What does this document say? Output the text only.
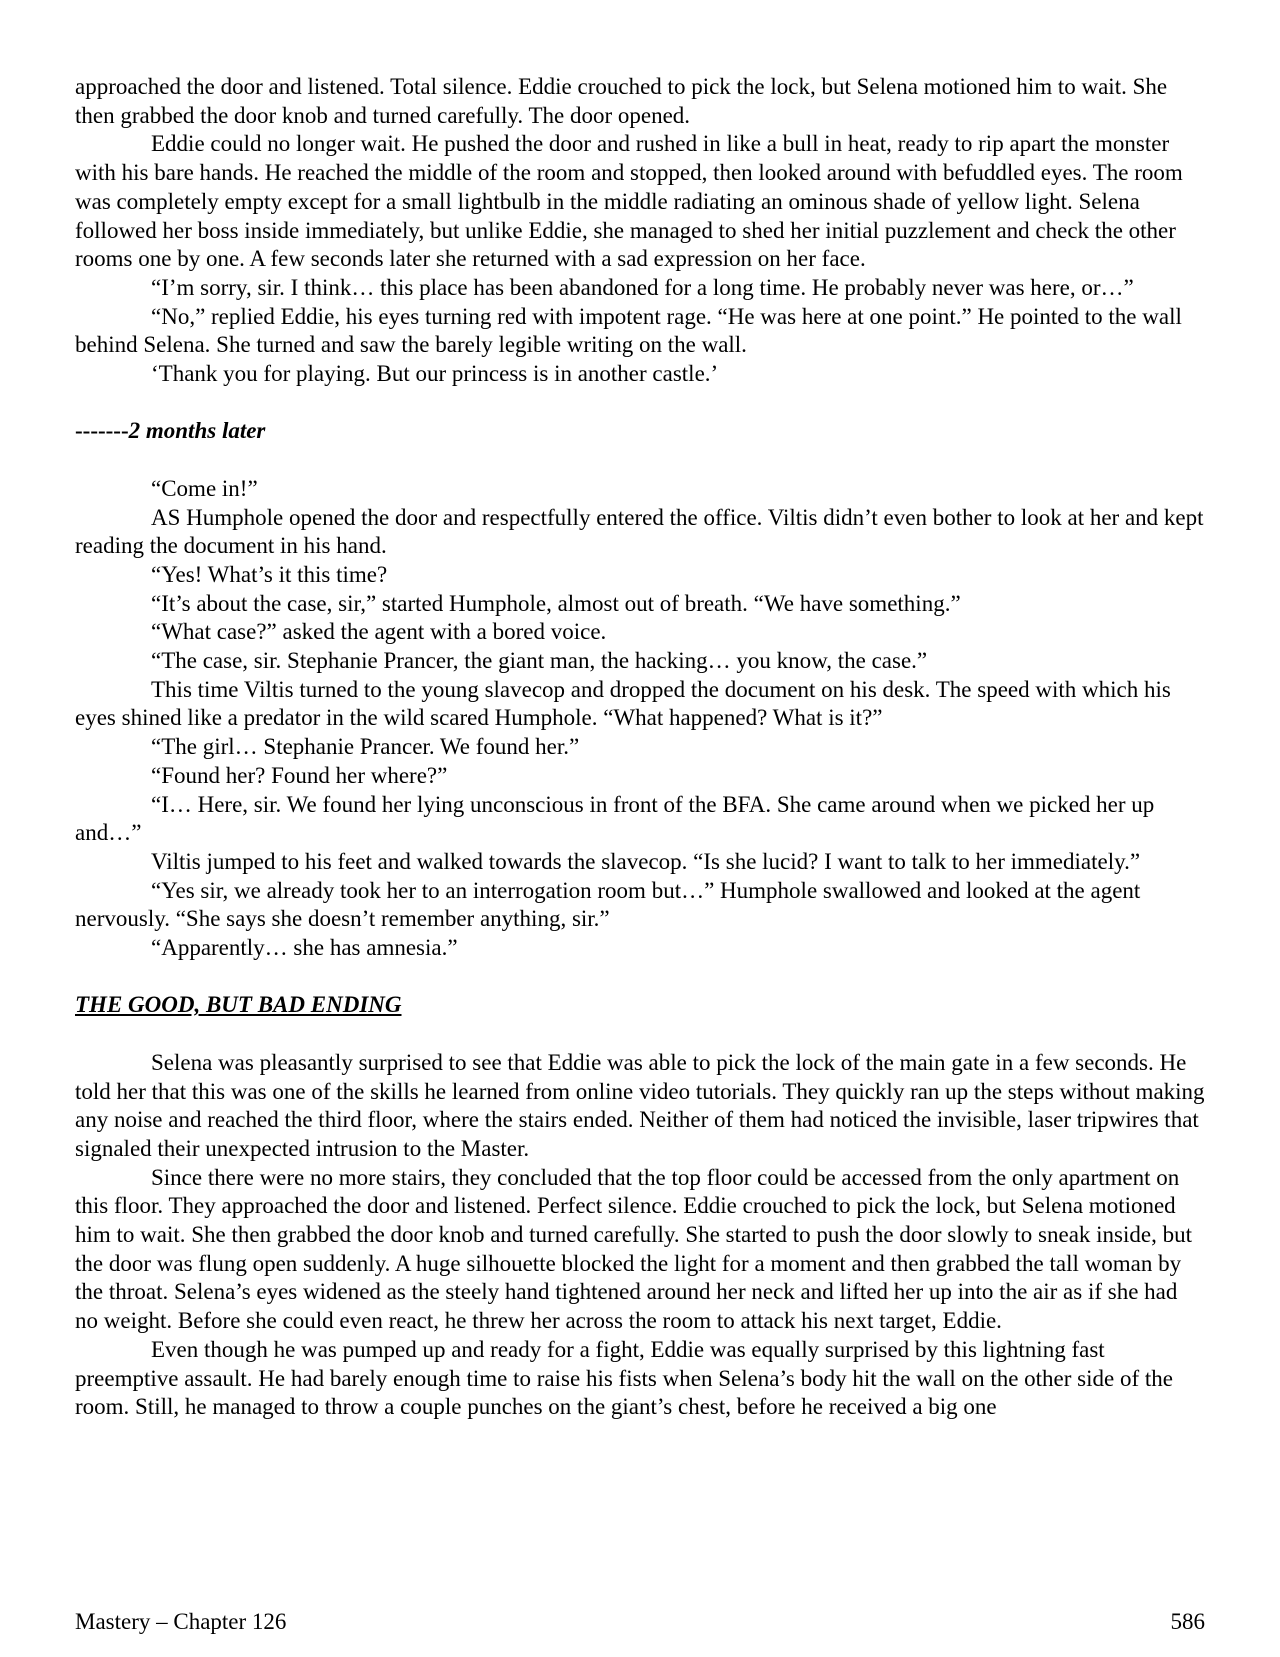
approached the door and listened. Total silence. Eddie crouched to pick the lock, but Selena motioned him to wait. She then grabbed the door knob and turned carefully. The door opened.

Eddie could no longer wait. He pushed the door and rushed in like a bull in heat, ready to rip apart the monster with his bare hands. He reached the middle of the room and stopped, then looked around with befuddled eyes. The room was completely empty except for a small lightbulb in the middle radiating an ominous shade of yellow light. Selena followed her boss inside immediately, but unlike Eddie, she managed to shed her initial puzzlement and check the other rooms one by one. A few seconds later she returned with a sad expression on her face.

“I’m sorry, sir. I think… this place has been abandoned for a long time. He probably never was here, or…”

“No,” replied Eddie, his eyes turning red with impotent rage. “He was here at one point.” He pointed to the wall behind Selena. She turned and saw the barely legible writing on the wall.

‘Thank you for playing. But our princess is in another castle.’

-------2 months later

“Come in!”

AS Humphole opened the door and respectfully entered the office. Viltis didn’t even bother to look at her and kept reading the document in his hand.

“Yes! What’s it this time?

“It’s about the case, sir,” started Humphole, almost out of breath. “We have something.”

“What case?” asked the agent with a bored voice.

“The case, sir. Stephanie Prancer, the giant man, the hacking… you know, the case.”

This time Viltis turned to the young slavecop and dropped the document on his desk. The speed with which his eyes shined like a predator in the wild scared Humphole. “What happened? What is it?”

“The girl… Stephanie Prancer. We found her.”

“Found her? Found her where?”

“I… Here, sir. We found her lying unconscious in front of the BFA. She came around when we picked her up and…”

Viltis jumped to his feet and walked towards the slavecop. “Is she lucid? I want to talk to her immediately.”

“Yes sir, we already took her to an interrogation room but…” Humphole swallowed and looked at the agent nervously. “She says she doesn’t remember anything, sir.”

“Apparently… she has amnesia.”

THE GOOD, BUT BAD ENDING

Selena was pleasantly surprised to see that Eddie was able to pick the lock of the main gate in a few seconds. He told her that this was one of the skills he learned from online video tutorials. They quickly ran up the steps without making any noise and reached the third floor, where the stairs ended. Neither of them had noticed the invisible, laser tripwires that signaled their unexpected intrusion to the Master.

Since there were no more stairs, they concluded that the top floor could be accessed from the only apartment on this floor. They approached the door and listened. Perfect silence. Eddie crouched to pick the lock, but Selena motioned him to wait. She then grabbed the door knob and turned carefully. She started to push the door slowly to sneak inside, but the door was flung open suddenly. A huge silhouette blocked the light for a moment and then grabbed the tall woman by the throat. Selena’s eyes widened as the steely hand tightened around her neck and lifted her up into the air as if she had no weight. Before she could even react, he threw her across the room to attack his next target, Eddie.

Even though he was pumped up and ready for a fight, Eddie was equally surprised by this lightning fast preemptive assault. He had barely enough time to raise his fists when Selena’s body hit the wall on the other side of the room. Still, he managed to throw a couple punches on the giant’s chest, before he received a big one

Mastery – Chapter 126	586
